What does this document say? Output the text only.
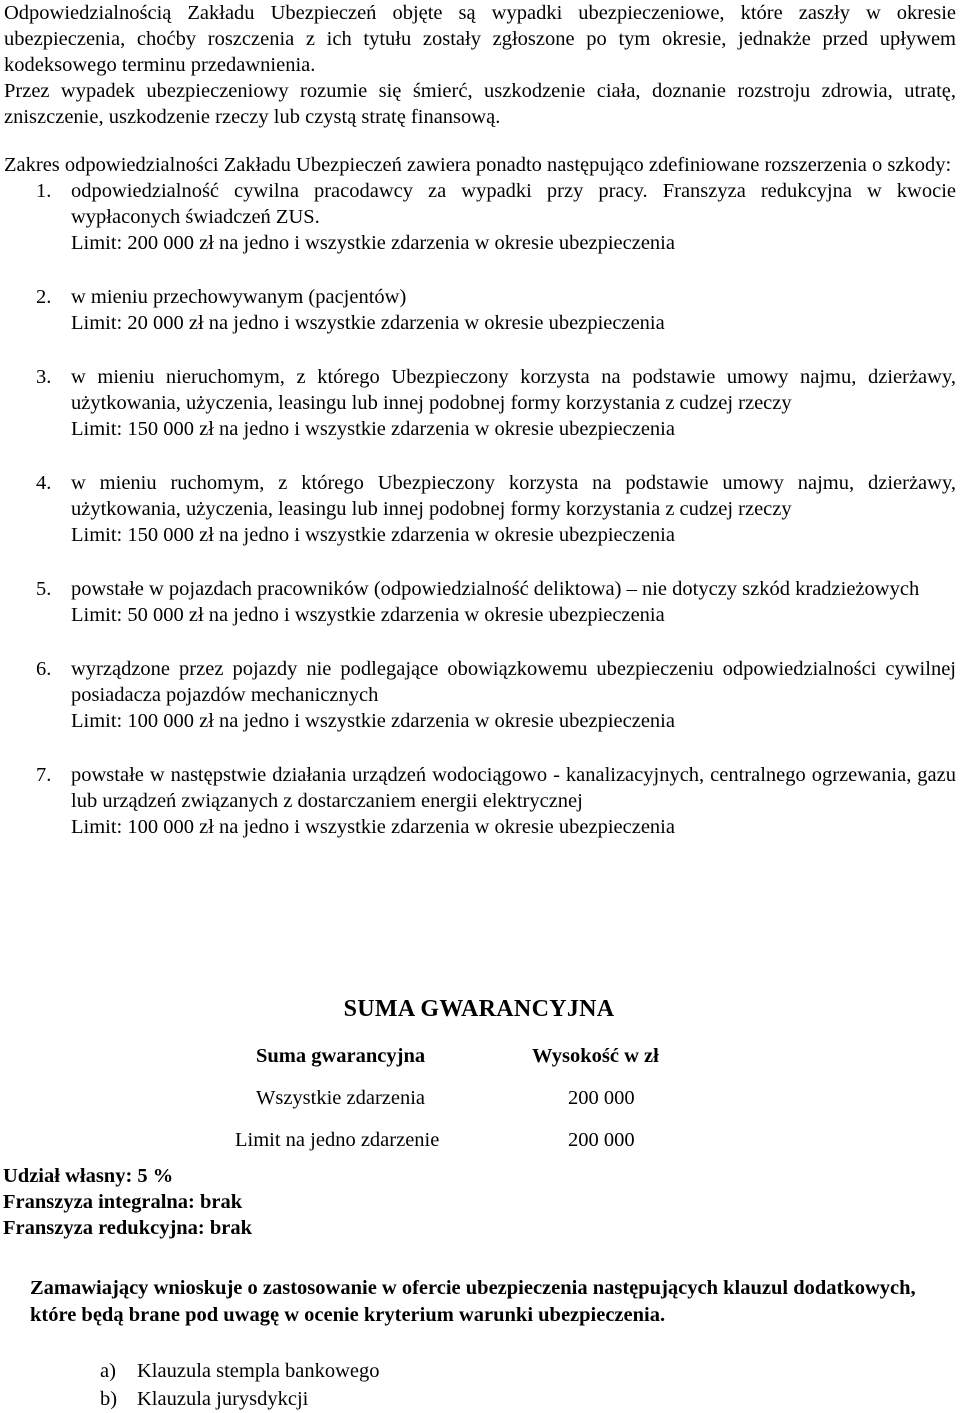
Odpowiedzialnością Zakładu Ubezpieczeń objęte są wypadki ubezpieczeniowe, które zaszły w okresie ubezpieczenia, choćby roszczenia z ich tytułu zostały zgłoszone po tym okresie, jednakże przed upływem kodeksowego terminu przedawnienia.

Przez wypadek ubezpieczeniowy rozumie się śmierć, uszkodzenie ciała, doznanie rozstroju zdrowia, utratę, zniszczenie, uszkodzenie rzeczy lub czystą stratę finansową.

Zakres odpowiedzialności Zakładu Ubezpieczeń zawiera ponadto następująco zdefiniowane rozszerzenia o szkody:

1. odpowiedzialność cywilna pracodawcy za wypadki przy pracy. Franszyza redukcyjna w kwocie wypłaconych świadczeń ZUS.
Limit: 200 000 zł na jedno i wszystkie zdarzenia w okresie ubezpieczenia
2. w mieniu przechowywanym (pacjentów)
Limit: 20 000 zł na jedno i wszystkie zdarzenia w okresie ubezpieczenia
3. w mieniu nieruchomym, z którego Ubezpieczony korzysta na podstawie umowy najmu, dzierżawy, użytkowania, użyczenia, leasingu lub innej podobnej formy korzystania z cudzej rzeczy
Limit: 150 000 zł na jedno i wszystkie zdarzenia w okresie ubezpieczenia
4. w mieniu ruchomym, z którego Ubezpieczony korzysta na podstawie umowy najmu, dzierżawy, użytkowania, użyczenia, leasingu lub innej podobnej formy korzystania z cudzej rzeczy
Limit: 150 000 zł na jedno i wszystkie zdarzenia w okresie ubezpieczenia
5. powstałe w pojazdach pracowników (odpowiedzialność deliktowa) – nie dotyczy szkód kradzieżowych
Limit: 50 000 zł na jedno i wszystkie zdarzenia w okresie ubezpieczenia
6. wyrządzone przez pojazdy nie podlegające obowiązkowemu ubezpieczeniu odpowiedzialności cywilnej posiadacza pojazdów mechanicznych
Limit: 100 000 zł na jedno i wszystkie zdarzenia w okresie ubezpieczenia
7. powstałe w następstwie działania urządzeń wodociągowo - kanalizacyjnych, centralnego ogrzewania, gazu lub urządzeń związanych z dostarczaniem energii elektrycznej
Limit: 100 000 zł na jedno i wszystkie zdarzenia w okresie ubezpieczenia
SUMA GWARANCYJNA
Suma gwarancyjna	Wysokość w zł
Wszystkie zdarzenia	200 000
Limit na jedno zdarzenie	200 000
Udział własny: 5 %
Franszyza integralna: brak
Franszyza redukcyjna: brak
Zamawiający wnioskuje o zastosowanie w ofercie ubezpieczenia następujących klauzul dodatkowych, które będą brane pod uwagę w ocenie kryterium warunki ubezpieczenia.
a) Klauzula stempla bankowego
b) Klauzula jurysdykcji
